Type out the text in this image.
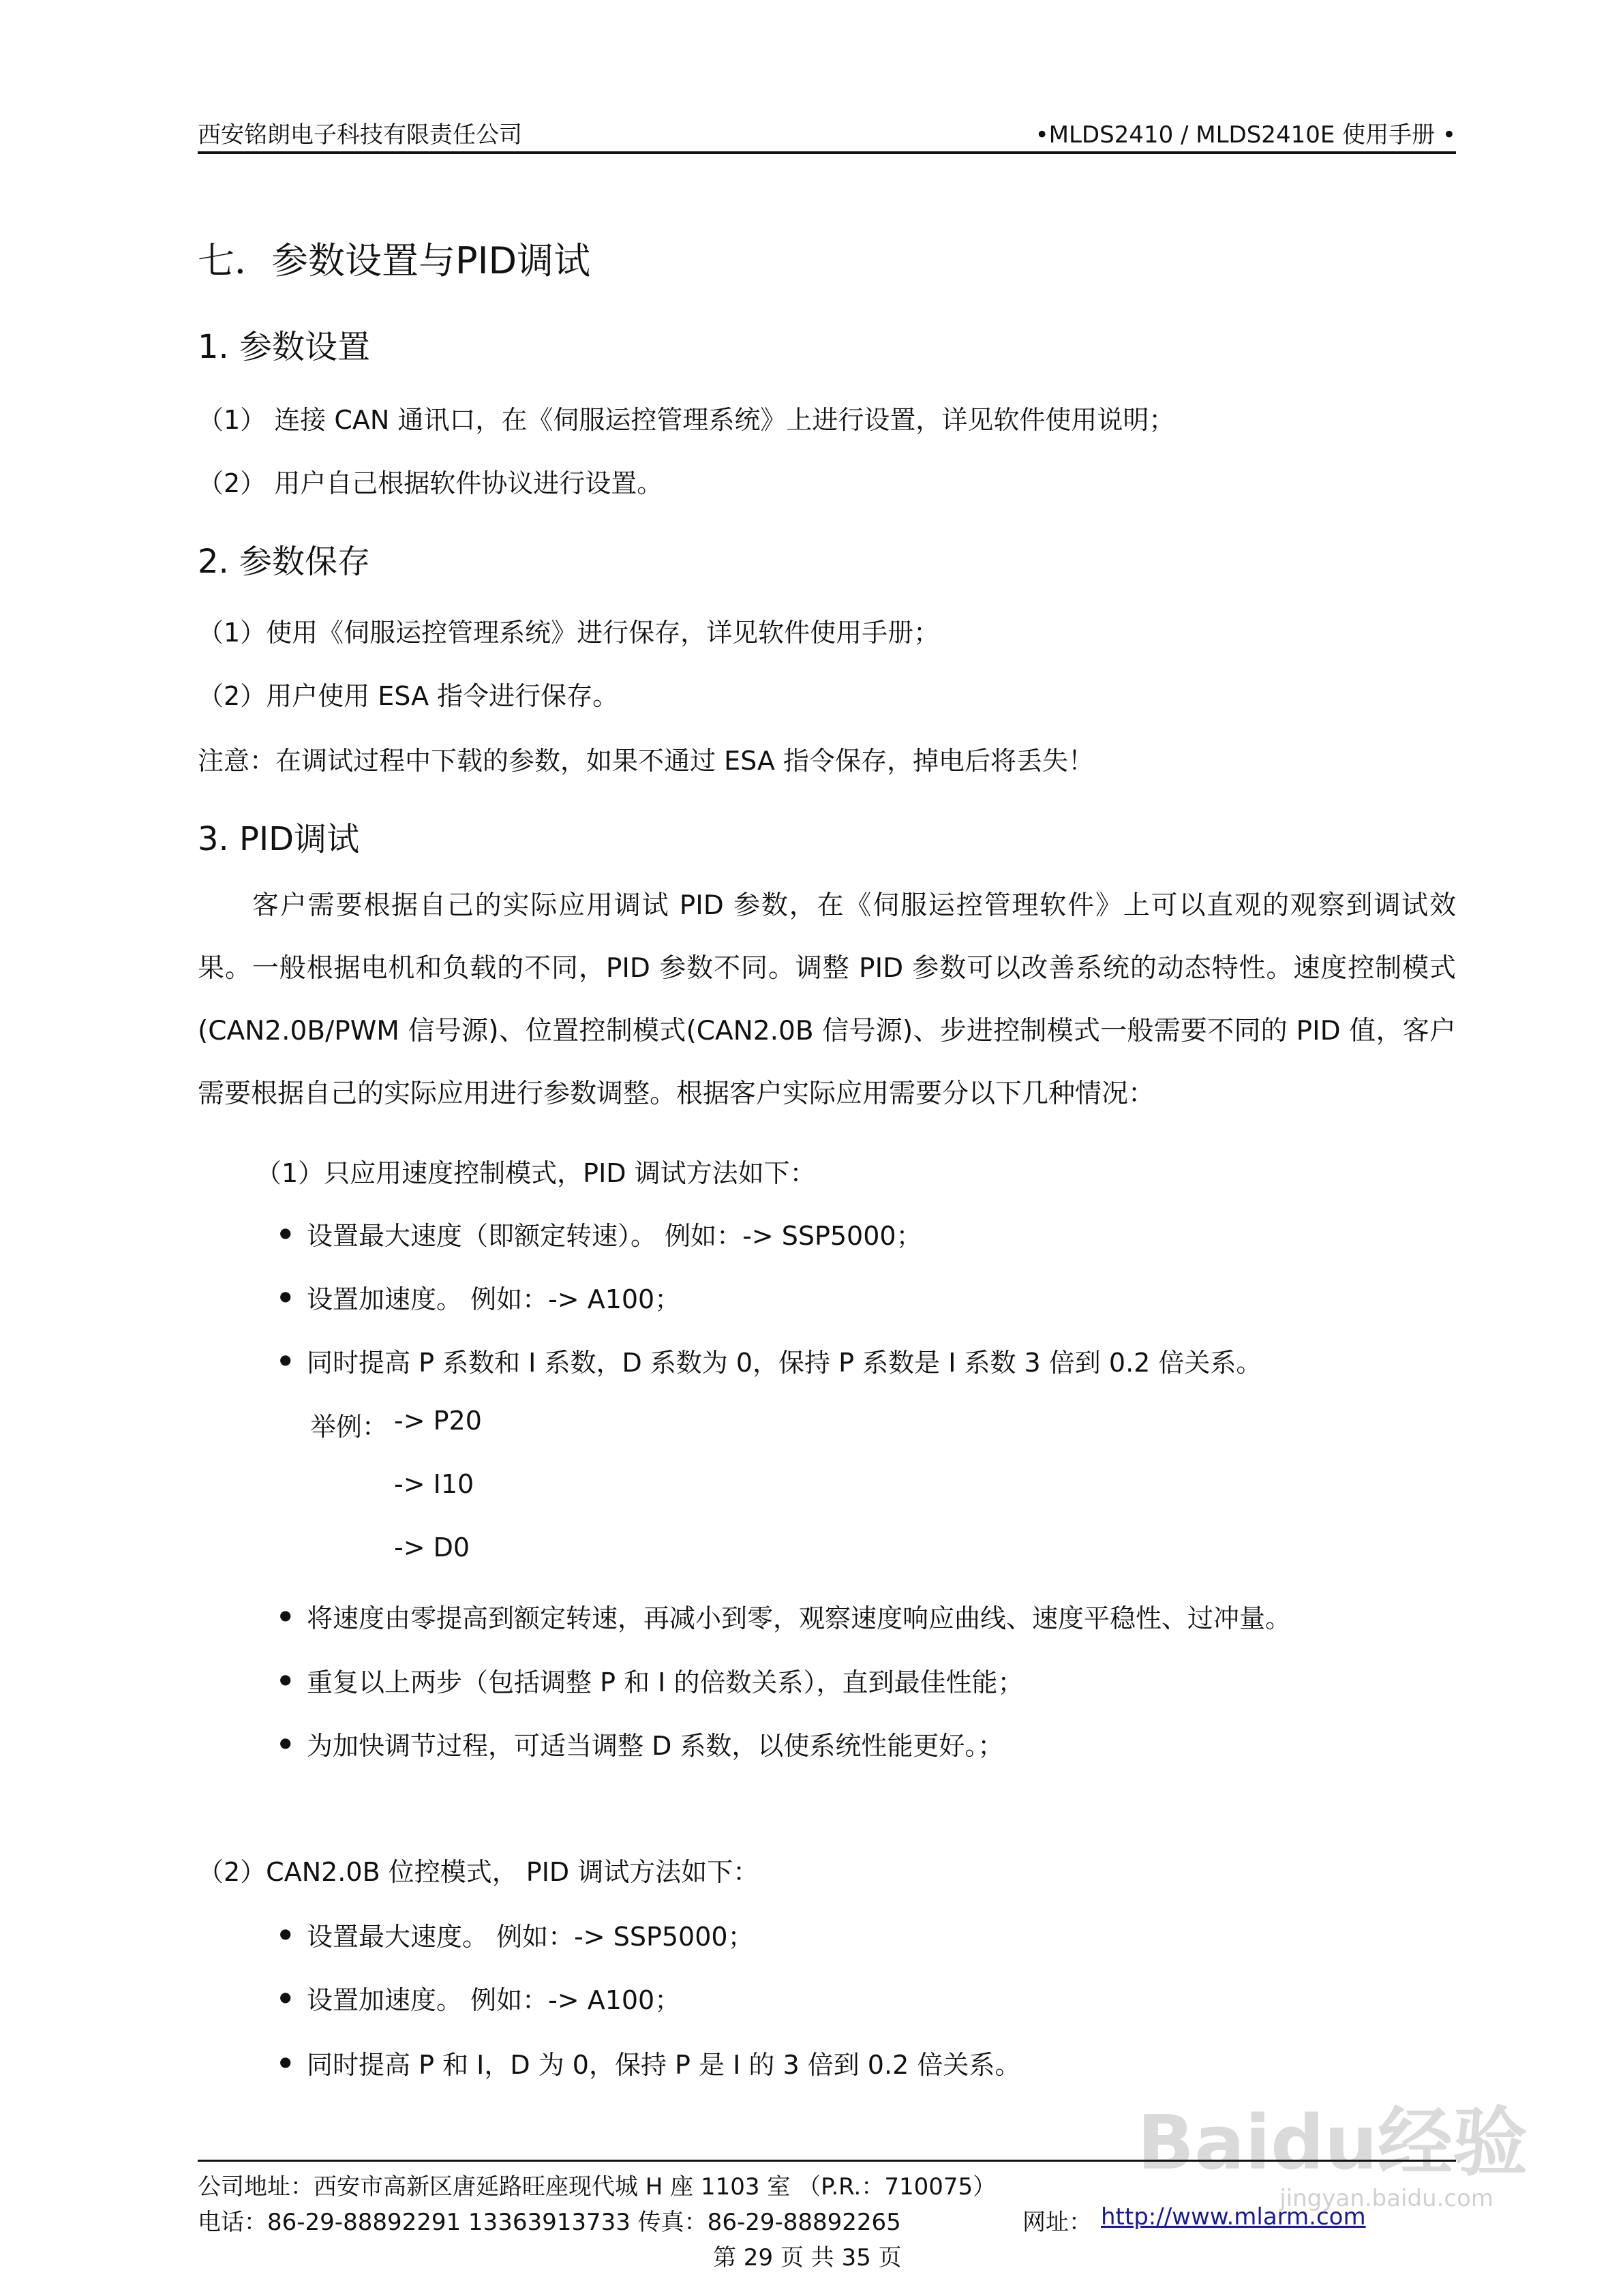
西安铭朗电子科技有限责任公司	•MLDS2410 / MLDS2410E 使用手册 •
七．参数设置与PID调试
1. 参数设置
（1） 连接 CAN 通讯口，在《伺服运控管理系统》上进行设置，详见软件使用说明；
（2） 用户自己根据软件协议进行设置。
2. 参数保存
（1）使用《伺服运控管理系统》进行保存，详见软件使用手册；
（2）用户使用 ESA 指令进行保存。
注意：在调试过程中下载的参数，如果不通过 ESA 指令保存，掉电后将丢失！
3. PID调试
客户需要根据自己的实际应用调试 PID 参数，在《伺服运控管理软件》上可以直观的观察到调试效果。一般根据电机和负载的不同，PID 参数不同。调整 PID 参数可以改善系统的动态特性。速度控制模式(CAN2.0B/PWM 信号源)、位置控制模式(CAN2.0B 信号源)、步进控制模式一般需要不同的 PID 值，客户需要根据自己的实际应用进行参数调整。根据客户实际应用需要分以下几种情况：
（1）只应用速度控制模式，PID 调试方法如下：
● 设置最大速度（即额定转速）。 例如：-> SSP5000；
● 设置加速度。 例如：-> A100；
● 同时提高 P 系数和 I 系数，D 系数为 0，保持 P 系数是 I 系数 3 倍到 0.2 倍关系。
举例： -> P20
-> I10
-> D0
● 将速度由零提高到额定转速，再减小到零，观察速度响应曲线、速度平稳性、过冲量。
● 重复以上两步（包括调整 P 和 I 的倍数关系），直到最佳性能；
● 为加快调节过程，可适当调整 D 系数，以使系统性能更好。；
（2）CAN2.0B 位控模式， PID 调试方法如下：
● 设置最大速度。 例如：-> SSP5000；
● 设置加速度。 例如：-> A100；
● 同时提高 P 和 I，D 为 0，保持 P 是 I 的 3 倍到 0.2 倍关系。
Baidu经验
jingyan.baidu.com
公司地址：西安市高新区唐延路旺座现代城 H 座 1103 室 （P.R.：710075）
电话：86-29-88892291 13363913733 传真：86-29-88892265	网址： http://www.mlarm.com
第 29 页 共 35 页
